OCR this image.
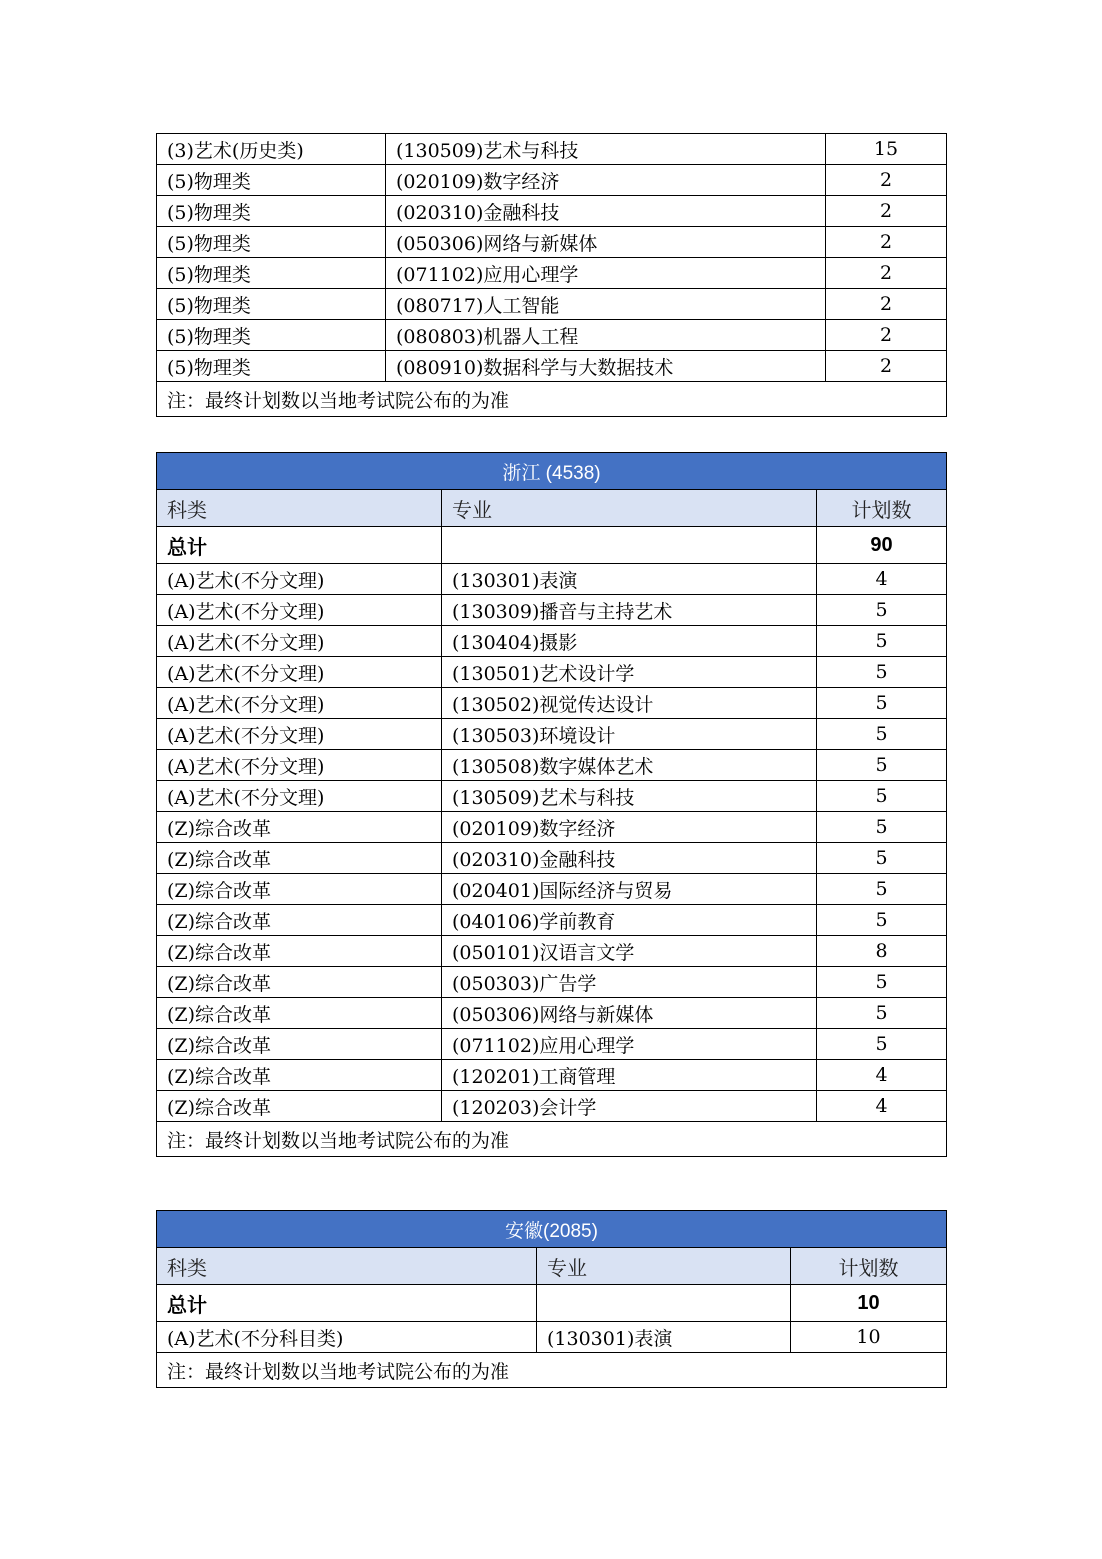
(3)艺术(历史类)	(130509)艺术与科技	15
(5)物理类	(020109)数字经济	2
(5)物理类	(020310)金融科技	2
(5)物理类	(050306)网络与新媒体	2
(5)物理类	(071102)应用心理学	2
(5)物理类	(080717)人工智能	2
(5)物理类	(080803)机器人工程	2
(5)物理类	(080910)数据科学与大数据技术	2
注：最终计划数以当地考试院公布的为准		
浙江 (4538)		
科类	专业	计划数
总计		90
(A)艺术(不分文理)	(130301)表演	4
(A)艺术(不分文理)	(130309)播音与主持艺术	5
(A)艺术(不分文理)	(130404)摄影	5
(A)艺术(不分文理)	(130501)艺术设计学	5
(A)艺术(不分文理)	(130502)视觉传达设计	5
(A)艺术(不分文理)	(130503)环境设计	5
(A)艺术(不分文理)	(130508)数字媒体艺术	5
(A)艺术(不分文理)	(130509)艺术与科技	5
(Z)综合改革	(020109)数字经济	5
(Z)综合改革	(020310)金融科技	5
(Z)综合改革	(020401)国际经济与贸易	5
(Z)综合改革	(040106)学前教育	5
(Z)综合改革	(050101)汉语言文学	8
(Z)综合改革	(050303)广告学	5
(Z)综合改革	(050306)网络与新媒体	5
(Z)综合改革	(071102)应用心理学	5
(Z)综合改革	(120201)工商管理	4
(Z)综合改革	(120203)会计学	4
注：最终计划数以当地考试院公布的为准		
安徽(2085)		
科类	专业	计划数
总计		10
(A)艺术(不分科目类)	(130301)表演	10
注：最终计划数以当地考试院公布的为准		
